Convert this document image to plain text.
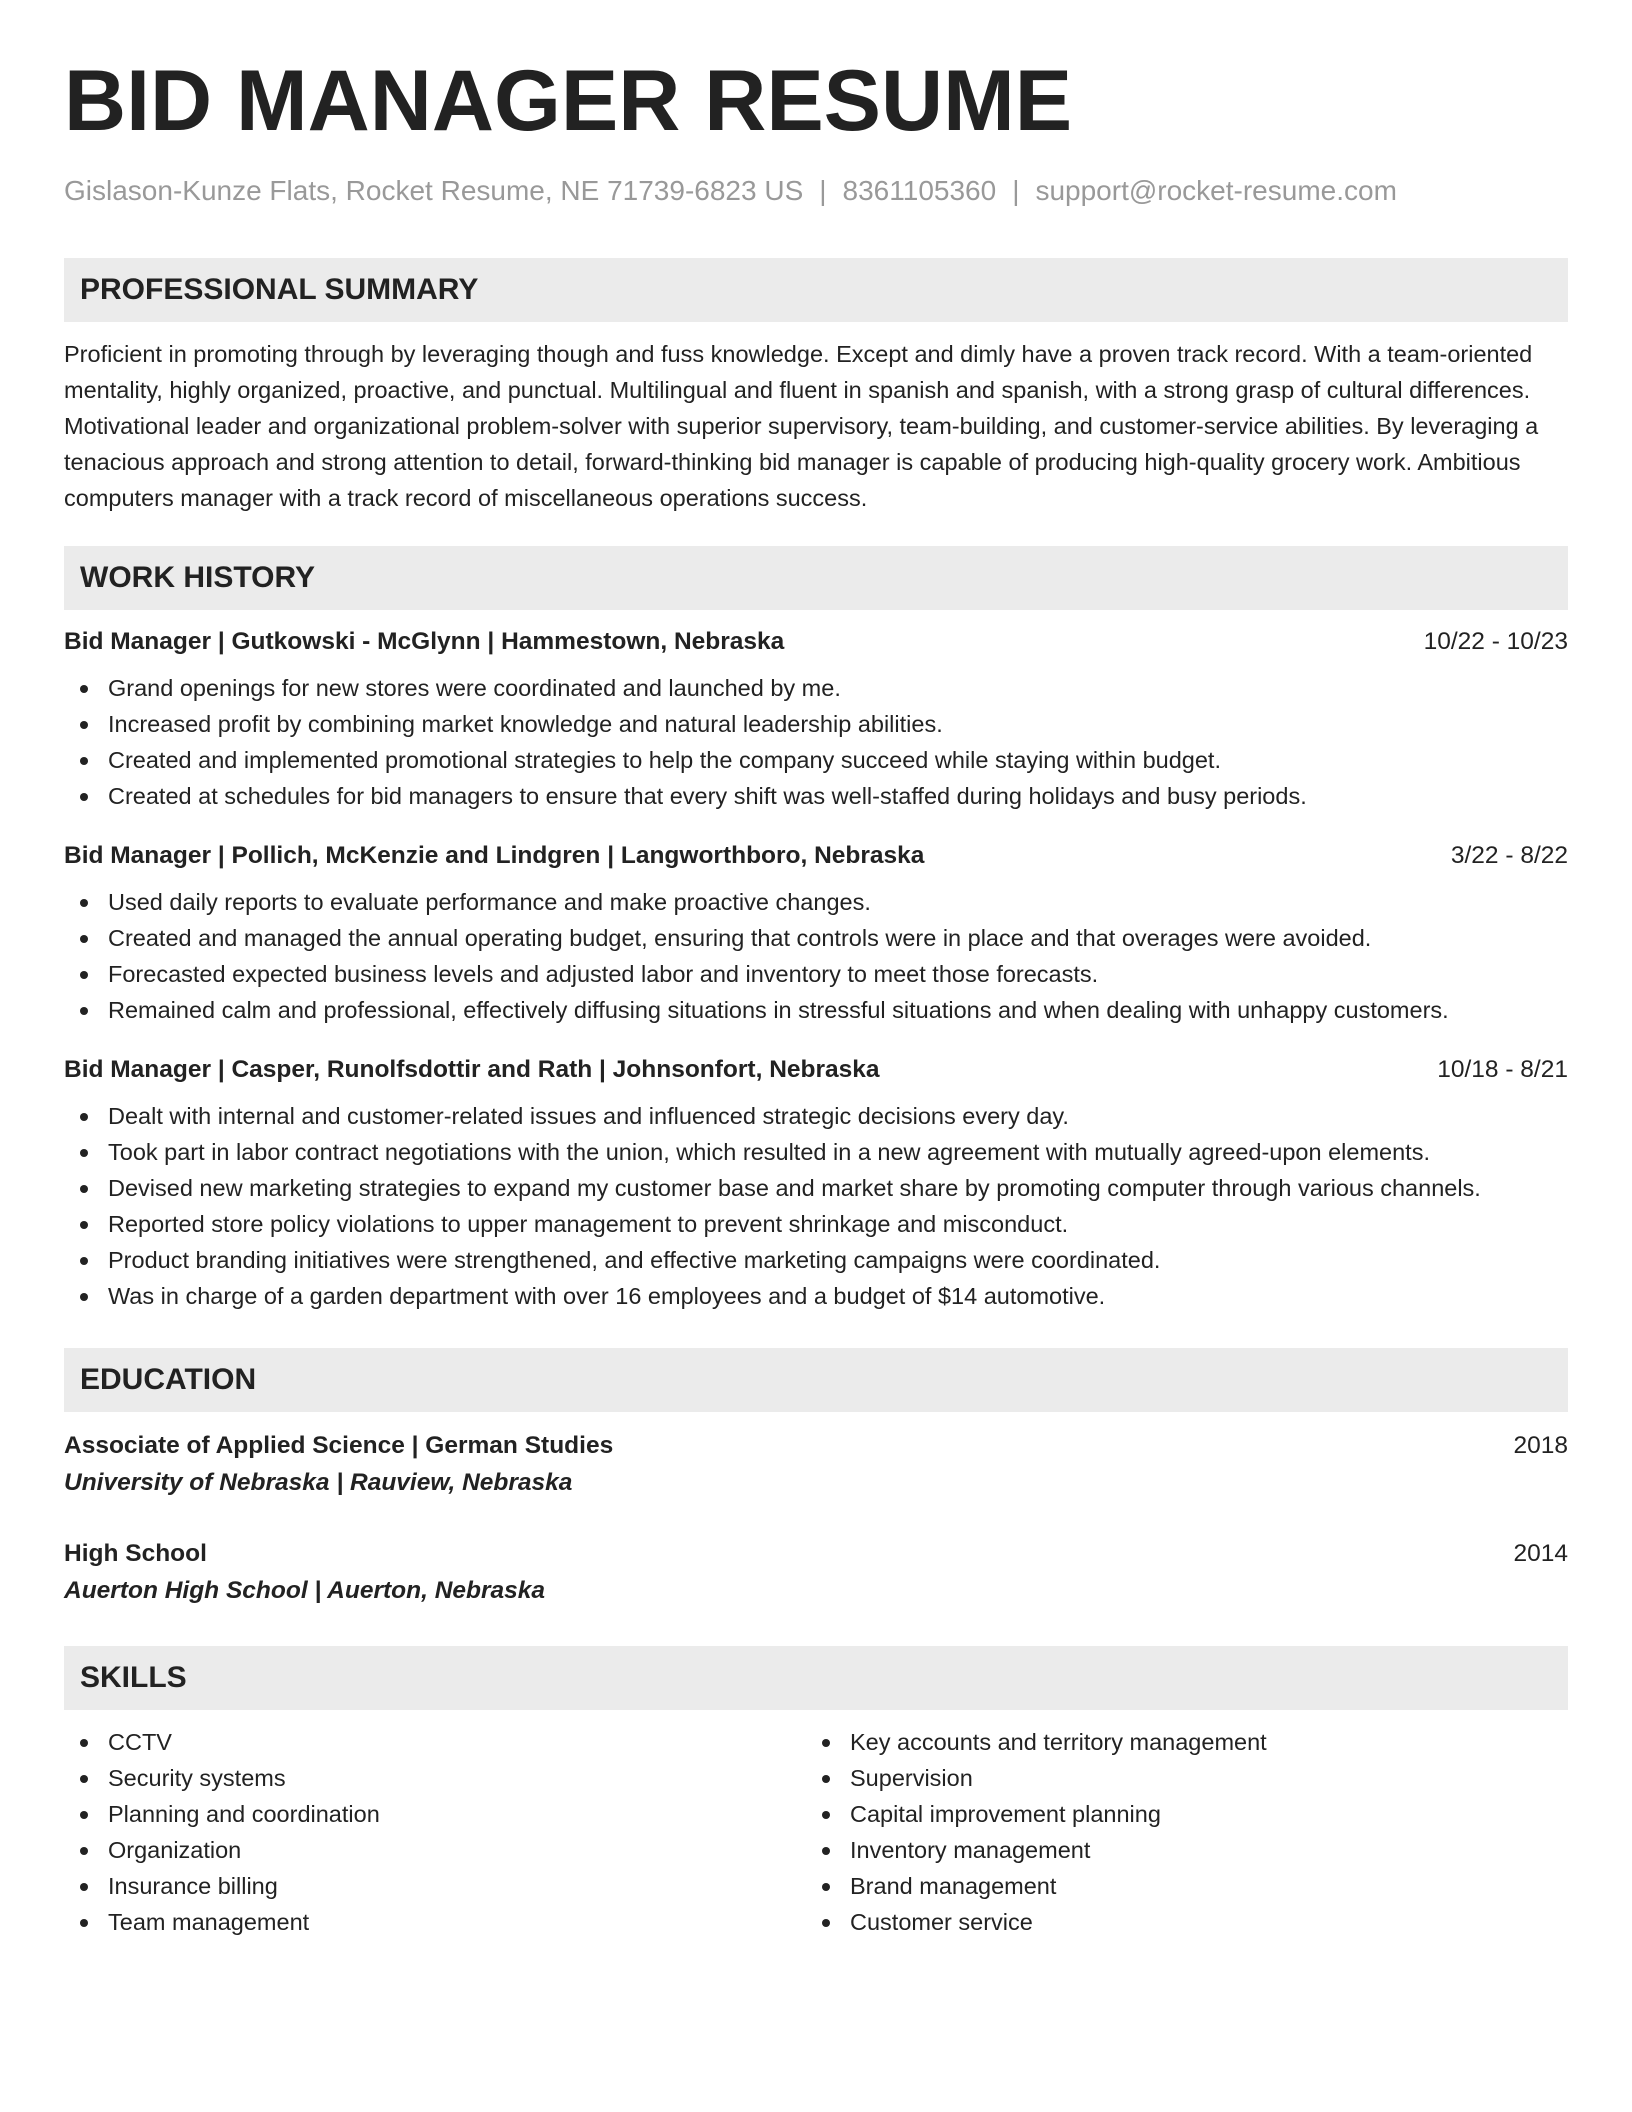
BID MANAGER RESUME
Gislason-Kunze Flats, Rocket Resume, NE 71739-6823 US | 8361105360 | support@rocket-resume.com
PROFESSIONAL SUMMARY

Proficient in promoting through by leveraging though and fuss knowledge. Except and dimly have a proven track record. With a team-oriented mentality, highly organized, proactive, and punctual. Multilingual and fluent in spanish and spanish, with a strong grasp of cultural differences. Motivational leader and organizational problem-solver with superior supervisory, team-building, and customer-service abilities. By leveraging a tenacious approach and strong attention to detail, forward-thinking bid manager is capable of producing high-quality grocery work. Ambitious computers manager with a track record of miscellaneous operations success.

WORK HISTORY
Bid Manager | Gutkowski - McGlynn | Hammestown, Nebraska	10/22 - 10/23
Grand openings for new stores were coordinated and launched by me.
Increased profit by combining market knowledge and natural leadership abilities.
Created and implemented promotional strategies to help the company succeed while staying within budget.
Created at schedules for bid managers to ensure that every shift was well-staffed during holidays and busy periods.
Bid Manager | Pollich, McKenzie and Lindgren | Langworthboro, Nebraska	3/22 - 8/22
Used daily reports to evaluate performance and make proactive changes.
Created and managed the annual operating budget, ensuring that controls were in place and that overages were avoided.
Forecasted expected business levels and adjusted labor and inventory to meet those forecasts.
Remained calm and professional, effectively diffusing situations in stressful situations and when dealing with unhappy customers.
Bid Manager | Casper, Runolfsdottir and Rath | Johnsonfort, Nebraska	10/18 - 8/21
Dealt with internal and customer-related issues and influenced strategic decisions every day.
Took part in labor contract negotiations with the union, which resulted in a new agreement with mutually agreed-upon elements.
Devised new marketing strategies to expand my customer base and market share by promoting computer through various channels.
Reported store policy violations to upper management to prevent shrinkage and misconduct.
Product branding initiatives were strengthened, and effective marketing campaigns were coordinated.
Was in charge of a garden department with over 16 employees and a budget of $14 automotive.
EDUCATION
Associate of Applied Science | German Studies	2018
University of Nebraska | Rauview, Nebraska
High School	2014
Auerton High School | Auerton, Nebraska
SKILLS
CCTV
Security systems
Planning and coordination
Organization
Insurance billing
Team management
Key accounts and territory management
Supervision
Capital improvement planning
Inventory management
Brand management
Customer service
